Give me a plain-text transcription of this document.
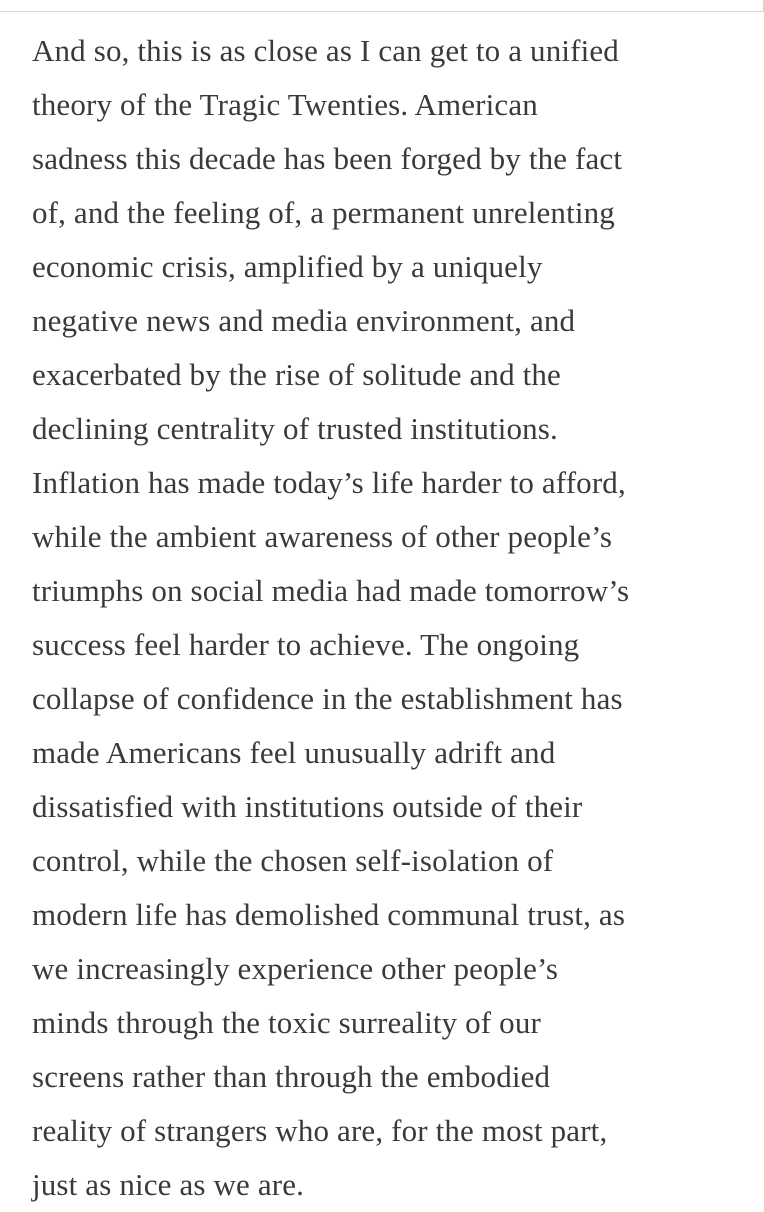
And so, this is as close as I can get to a unified
theory of the Tragic Twenties. American
sadness this decade has been forged by the fact
of, and the feeling of, a permanent unrelenting
economic crisis, amplified by a uniquely
negative news and media environment, and
exacerbated by the rise of solitude and the
declining centrality of trusted institutions.
Inflation has made today’s life harder to afford,
while the ambient awareness of other people’s
triumphs on social media had made tomorrow’s
success feel harder to achieve. The ongoing
collapse of confidence in the establishment has
made Americans feel unusually adrift and
dissatisfied with institutions outside of their
control, while the chosen self-isolation of
modern life has demolished communal trust, as
we increasingly experience other people’s
minds through the toxic surreality of our
screens rather than through the embodied
reality of strangers who are, for the most part,
just as nice as we are.
